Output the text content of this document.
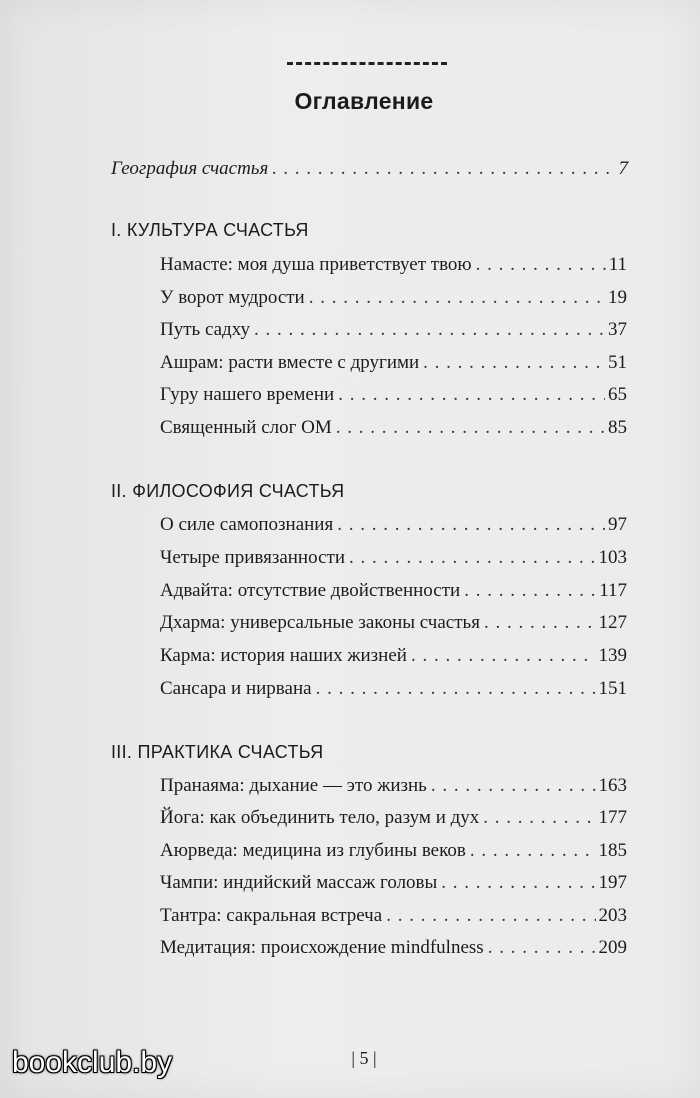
Оглавление
География счастья . . .	7
I. КУЛЬТУРА СЧАСТЬЯ
Намасте: моя душа приветствует твою . . .	11
У ворот мудрости . . .	19
Путь садху . . .	37
Ашрам: расти вместе с другими . . .	51
Гуру нашего времени . . .	65
Священный слог ОМ . . .	85
II. ФИЛОСОФИЯ СЧАСТЬЯ
О силе самопознания . . .	97
Четыре привязанности . . .	103
Адвайта: отсутствие двойственности . . .	117
Дхарма: универсальные законы счастья . . .	127
Карма: история наших жизней . . .	139
Сансара и нирвана . . .	151
III. ПРАКТИКА СЧАСТЬЯ
Пранаяма: дыхание — это жизнь . . .	163
Йога: как объединить тело, разум и дух . . .	177
Аюрведа: медицина из глубины веков . . .	185
Чампи: индийский массаж головы . . .	197
Тантра: сакральная встреча . . .	203
Медитация: происхождение mindfulness . . .	209
| 5 |
bookclub.by
